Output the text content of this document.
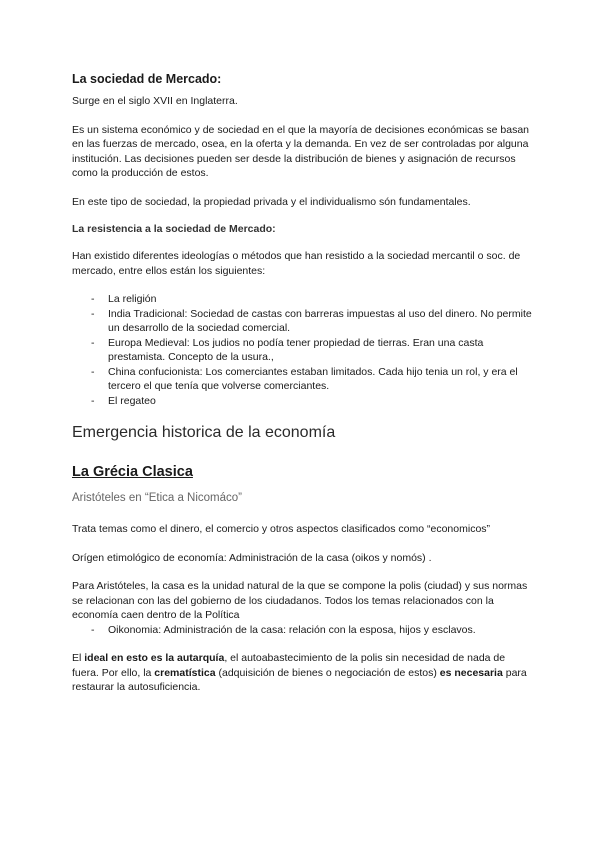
La sociedad de Mercado:

Surge en el siglo XVII en Inglaterra.

Es un sistema económico y de sociedad en el que la mayoría de decisiones económicas se basan en las fuerzas de mercado, osea, en la oferta y la demanda. En vez de ser controladas por alguna institución. Las decisiones pueden ser desde la distribución de bienes y asignación de recursos como la producción de estos.

En este tipo de sociedad, la propiedad privada y el individualismo són fundamentales.

La resistencia a la sociedad de Mercado:

Han existido diferentes ideologías o métodos que han resistido a la sociedad mercantil o soc. de mercado, entre ellos están los siguientes:

- La religión
- India Tradicional: Sociedad de castas con barreras impuestas al uso del dinero. No permite un desarrollo de la sociedad comercial.
- Europa Medieval: Los judios no podía tener propiedad de tierras. Eran una casta prestamista. Concepto de la usura.,
- China confucionista: Los comerciantes estaban limitados. Cada hijo tenia un rol, y era el tercero el que tenía que volverse comerciantes.
- El regateo

Emergencia historica de la economía

La Grécia Clasica

Aristóteles en “Etica a Nicomáco”

Trata temas como el dinero, el comercio y otros aspectos clasificados como “economicos”

Orígen etimológico de economía: Administración de la casa (oikos y nomós) .

Para Aristóteles, la casa es la unidad natural de la que se compone la polis (ciudad) y sus normas se relacionan con las del gobierno de los ciudadanos. Todos los temas relacionados con la economía caen dentro de la Política

- Oikonomia: Administración de la casa: relación con la esposa, hijos y esclavos.

El ideal en esto es la autarquía, el autoabastecimiento de la polis sin necesidad de nada de fuera. Por ello, la crematística (adquisición de bienes o negociación de estos) es necesaria para restaurar la autosuficiencia.
